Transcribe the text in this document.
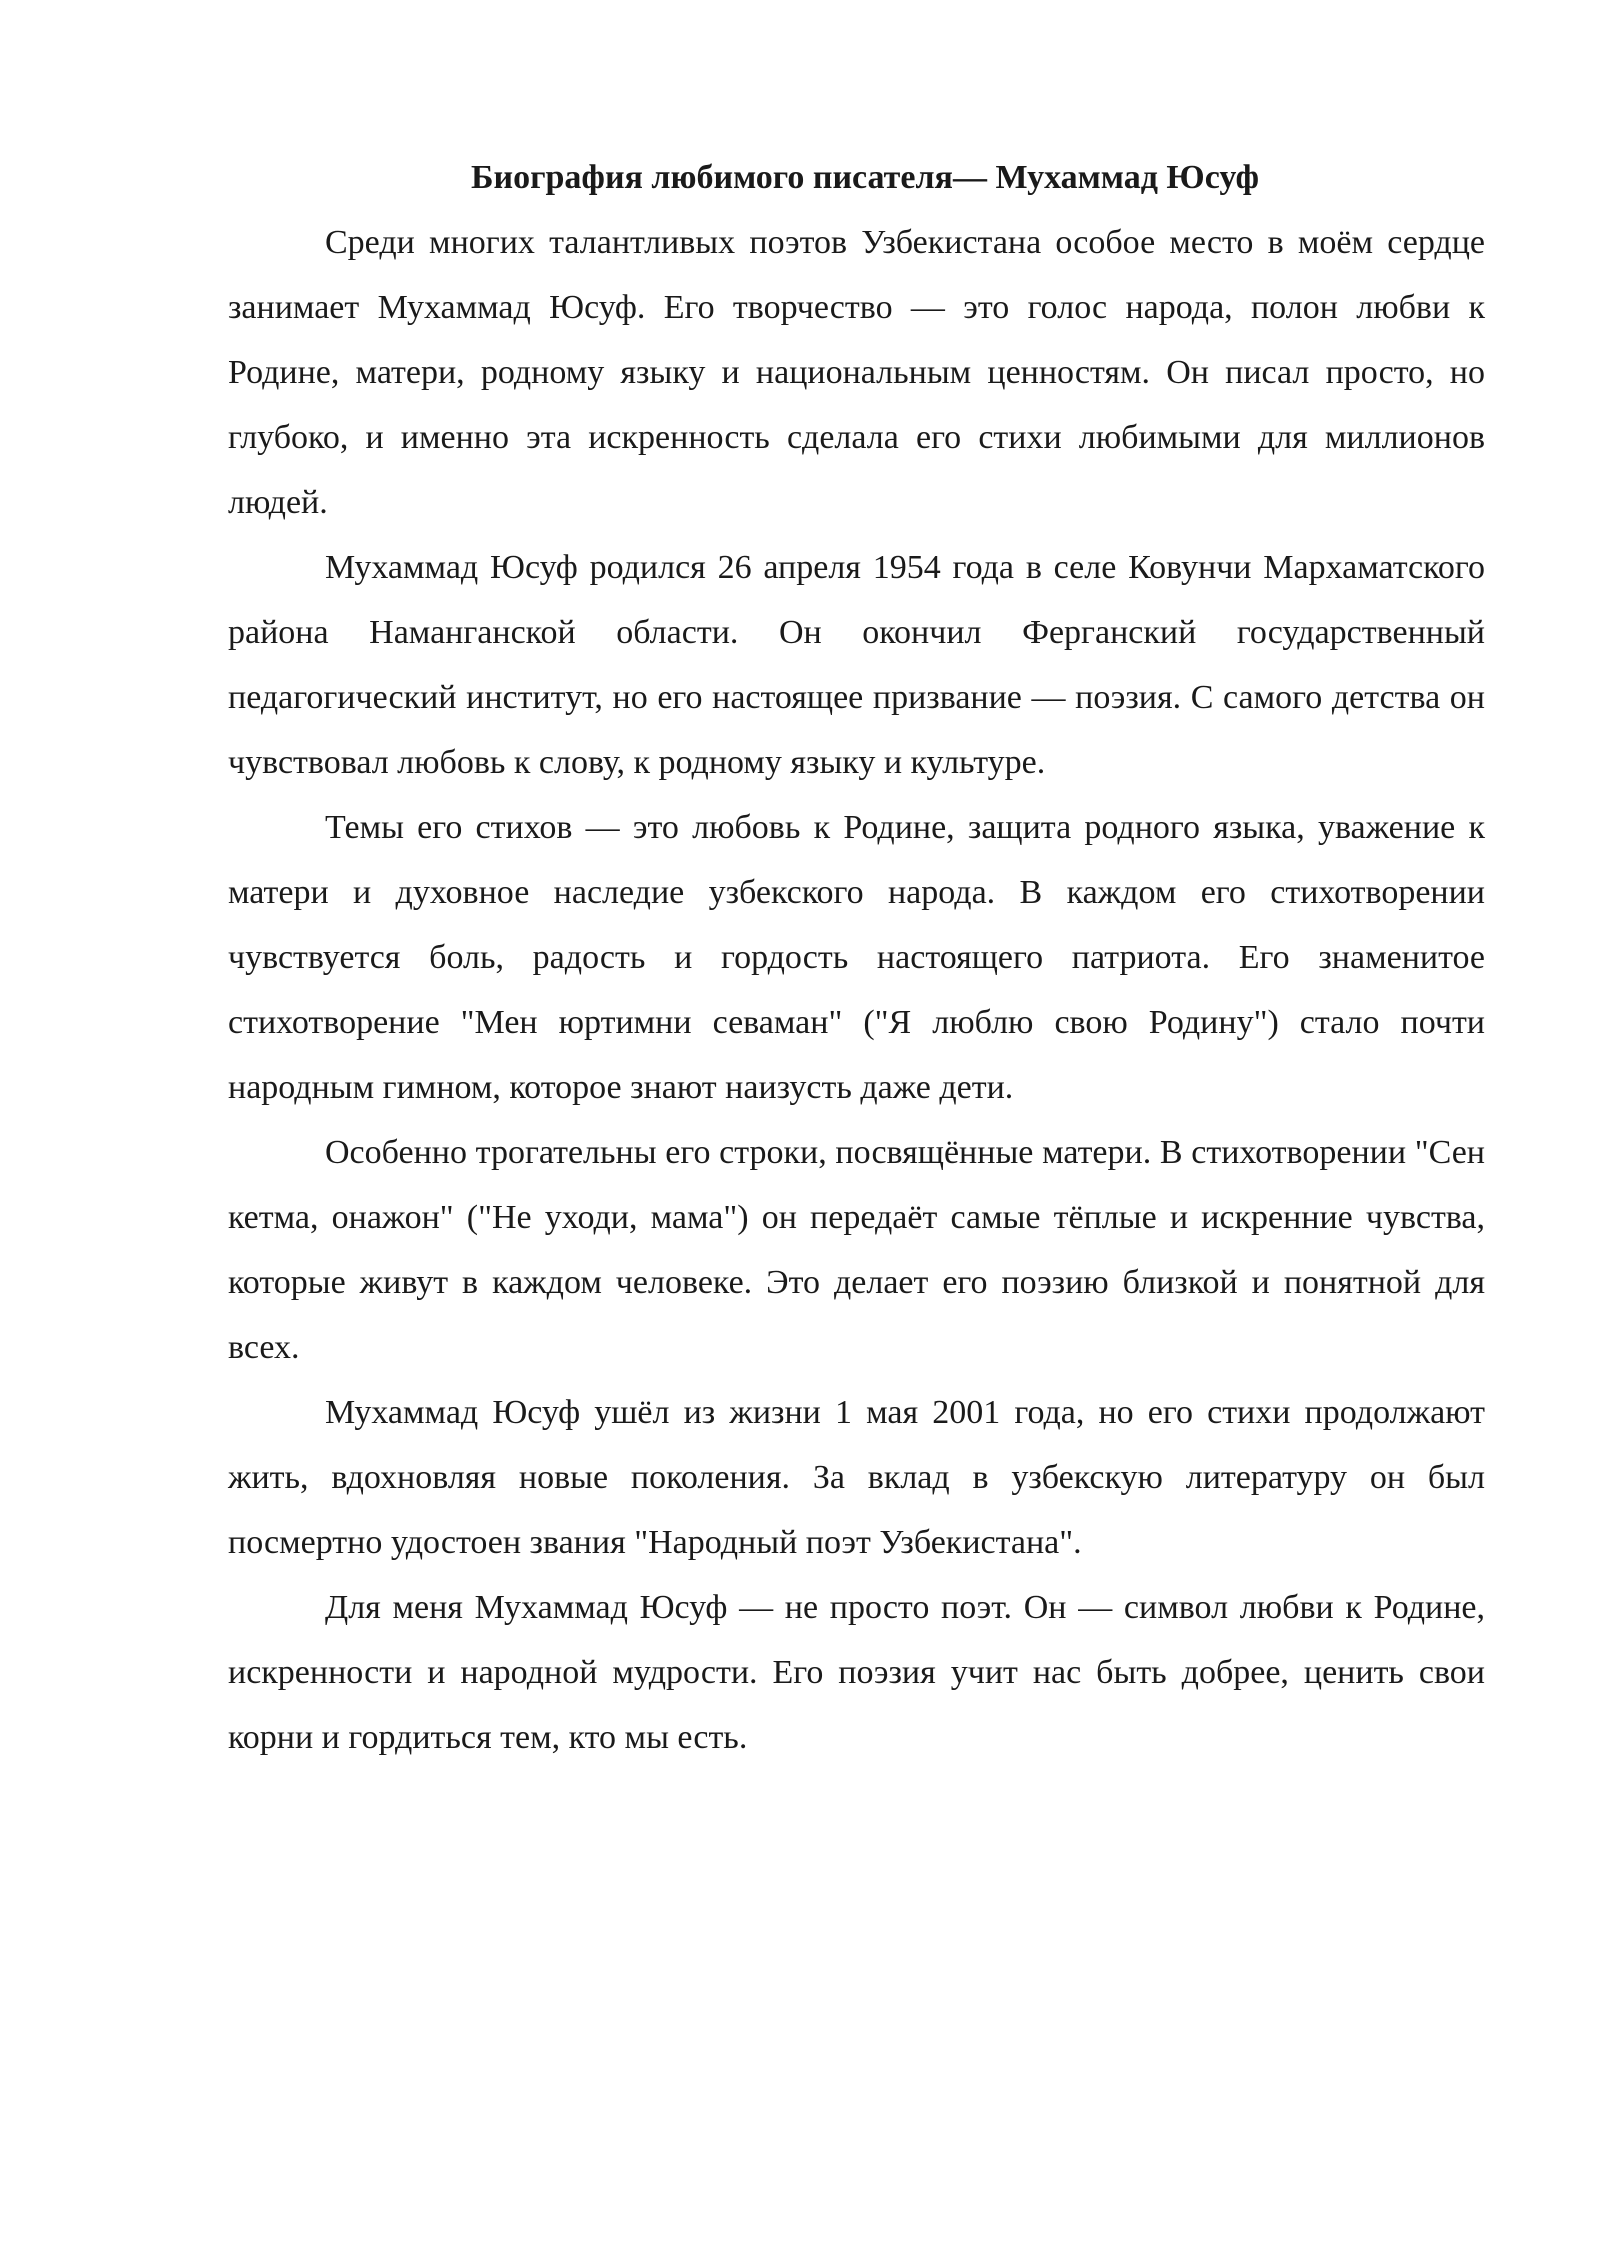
Биография любимого писателя— Мухаммад Юсуф

Среди многих талантливых поэтов Узбекистана особое место в моём сердце занимает Мухаммад Юсуф. Его творчество — это голос народа, полон любви к Родине, матери, родному языку и национальным ценностям. Он писал просто, но глубоко, и именно эта искренность сделала его стихи любимыми для миллионов людей.

Мухаммад Юсуф родился 26 апреля 1954 года в селе Ковунчи Мархаматского района Наманганской области. Он окончил Ферганский государственный педагогический институт, но его настоящее призвание — поэзия. С самого детства он чувствовал любовь к слову, к родному языку и культуре.

Темы его стихов — это любовь к Родине, защита родного языка, уважение к матери и духовное наследие узбекского народа. В каждом его стихотворении чувствуется боль, радость и гордость настоящего патриота. Его знаменитое стихотворение "Мен юртимни севаман" ("Я люблю свою Родину") стало почти народным гимном, которое знают наизусть даже дети.

Особенно трогательны его строки, посвящённые матери. В стихотворении "Сен кетма, онажон" ("Не уходи, мама") он передаёт самые тёплые и искренние чувства, которые живут в каждом человеке. Это делает его поэзию близкой и понятной для всех.

Мухаммад Юсуф ушёл из жизни 1 мая 2001 года, но его стихи продолжают жить, вдохновляя новые поколения. За вклад в узбекскую литературу он был посмертно удостоен звания "Народный поэт Узбекистана".

Для меня Мухаммад Юсуф — не просто поэт. Он — символ любви к Родине, искренности и народной мудрости. Его поэзия учит нас быть добрее, ценить свои корни и гордиться тем, кто мы есть.
